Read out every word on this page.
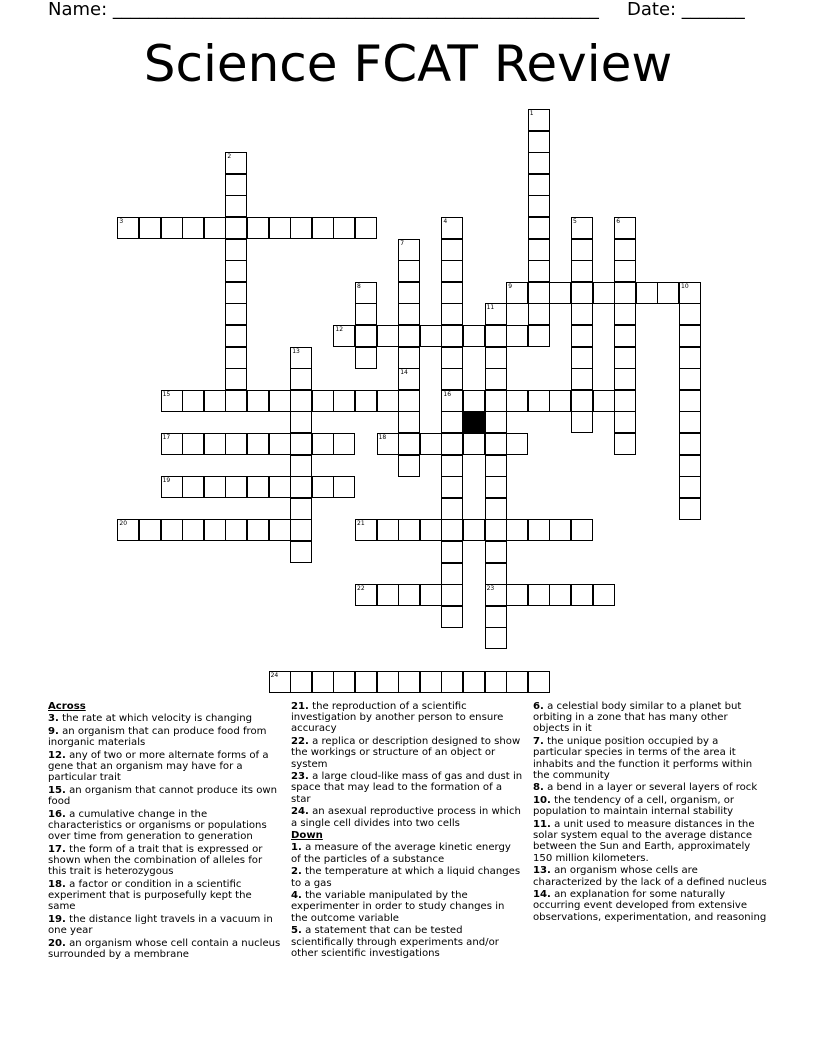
Name: ______________________________________________________ Date: _______
Science FCAT Review
1
2
3	4	5	6
7
8	9	10
11
12
13
14
15	16
17	18
19
20	21
22	23
24
Across
3. the rate at which velocity is changing
9. an organism that can produce food from inorganic materials
12. any of two or more alternate forms of a gene that an organism may have for a particular trait
15. an organism that cannot produce its own food
16. a cumulative change in the characteristics or organisms or populations over time from generation to generation
17. the form of a trait that is expressed or shown when the combination of alleles for this trait is heterozygous
18. a factor or condition in a scientific experiment that is purposefully kept the same
19. the distance light travels in a vacuum in one year
20. an organism whose cell contain a nucleus surrounded by a membrane
21. the reproduction of a scientific investigation by another person to ensure accuracy
22. a replica or description designed to show the workings or structure of an object or system
23. a large cloud-like mass of gas and dust in space that may lead to the formation of a star
24. an asexual reproductive process in which a single cell divides into two cells
Down
1. a measure of the average kinetic energy of the particles of a substance
2. the temperature at which a liquid changes to a gas
4. the variable manipulated by the experimenter in order to study changes in the outcome variable
5. a statement that can be tested scientifically through experiments and/or other scientific investigations
6. a celestial body similar to a planet but orbiting in a zone that has many other objects in it
7. the unique position occupied by a particular species in terms of the area it inhabits and the function it performs within the community
8. a bend in a layer or several layers of rock
10. the tendency of a cell, organism, or population to maintain internal stability
11. a unit used to measure distances in the solar system equal to the average distance between the Sun and Earth, approximately 150 million kilometers.
13. an organism whose cells are characterized by the lack of a defined nucleus
14. an explanation for some naturally occurring event developed from extensive observations, experimentation, and reasoning
